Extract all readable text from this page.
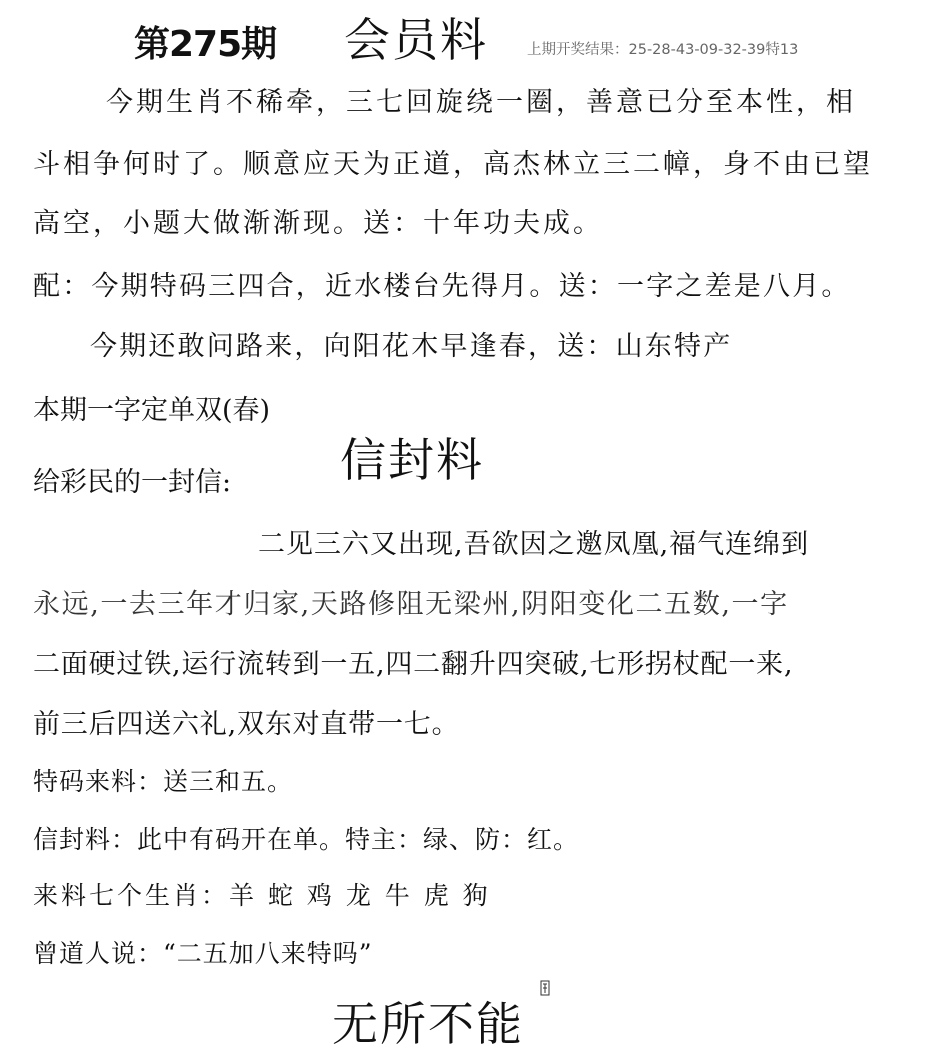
第275期 会员料	上期开奖结果：25-28-43-09-32-39特13
今期生肖不稀牵，三七回旋绕一圈，善意已分至本性，相
斗相争何时了。顺意应天为正道，高杰林立三二幛，身不由已望
高空，小题大做渐渐现。送：十年功夫成。
配：今期特码三四合，近水楼台先得月。送：一字之差是八月。
今期还敢问路来，向阳花木早逢春，送：山东特产
本期一字定单双(春)
信封料
给彩民的一封信:
二见三六又出现,吾欲因之邀凤凰,福气连绵到
永远,一去三年才归家,天路修阻无梁州,阴阳变化二五数,一字
二面硬过铁,运行流转到一五,四二翻升四突破,七形拐杖配一来,
前三后四送六礼,双东对直带一七。
特码来料：送三和五。
信封料：此中有码开在单。特主：绿、防：红。
来料七个生肖：羊 蛇 鸡 龙 牛 虎 狗
曾道人说：“二五加八来特吗”
无所不能
